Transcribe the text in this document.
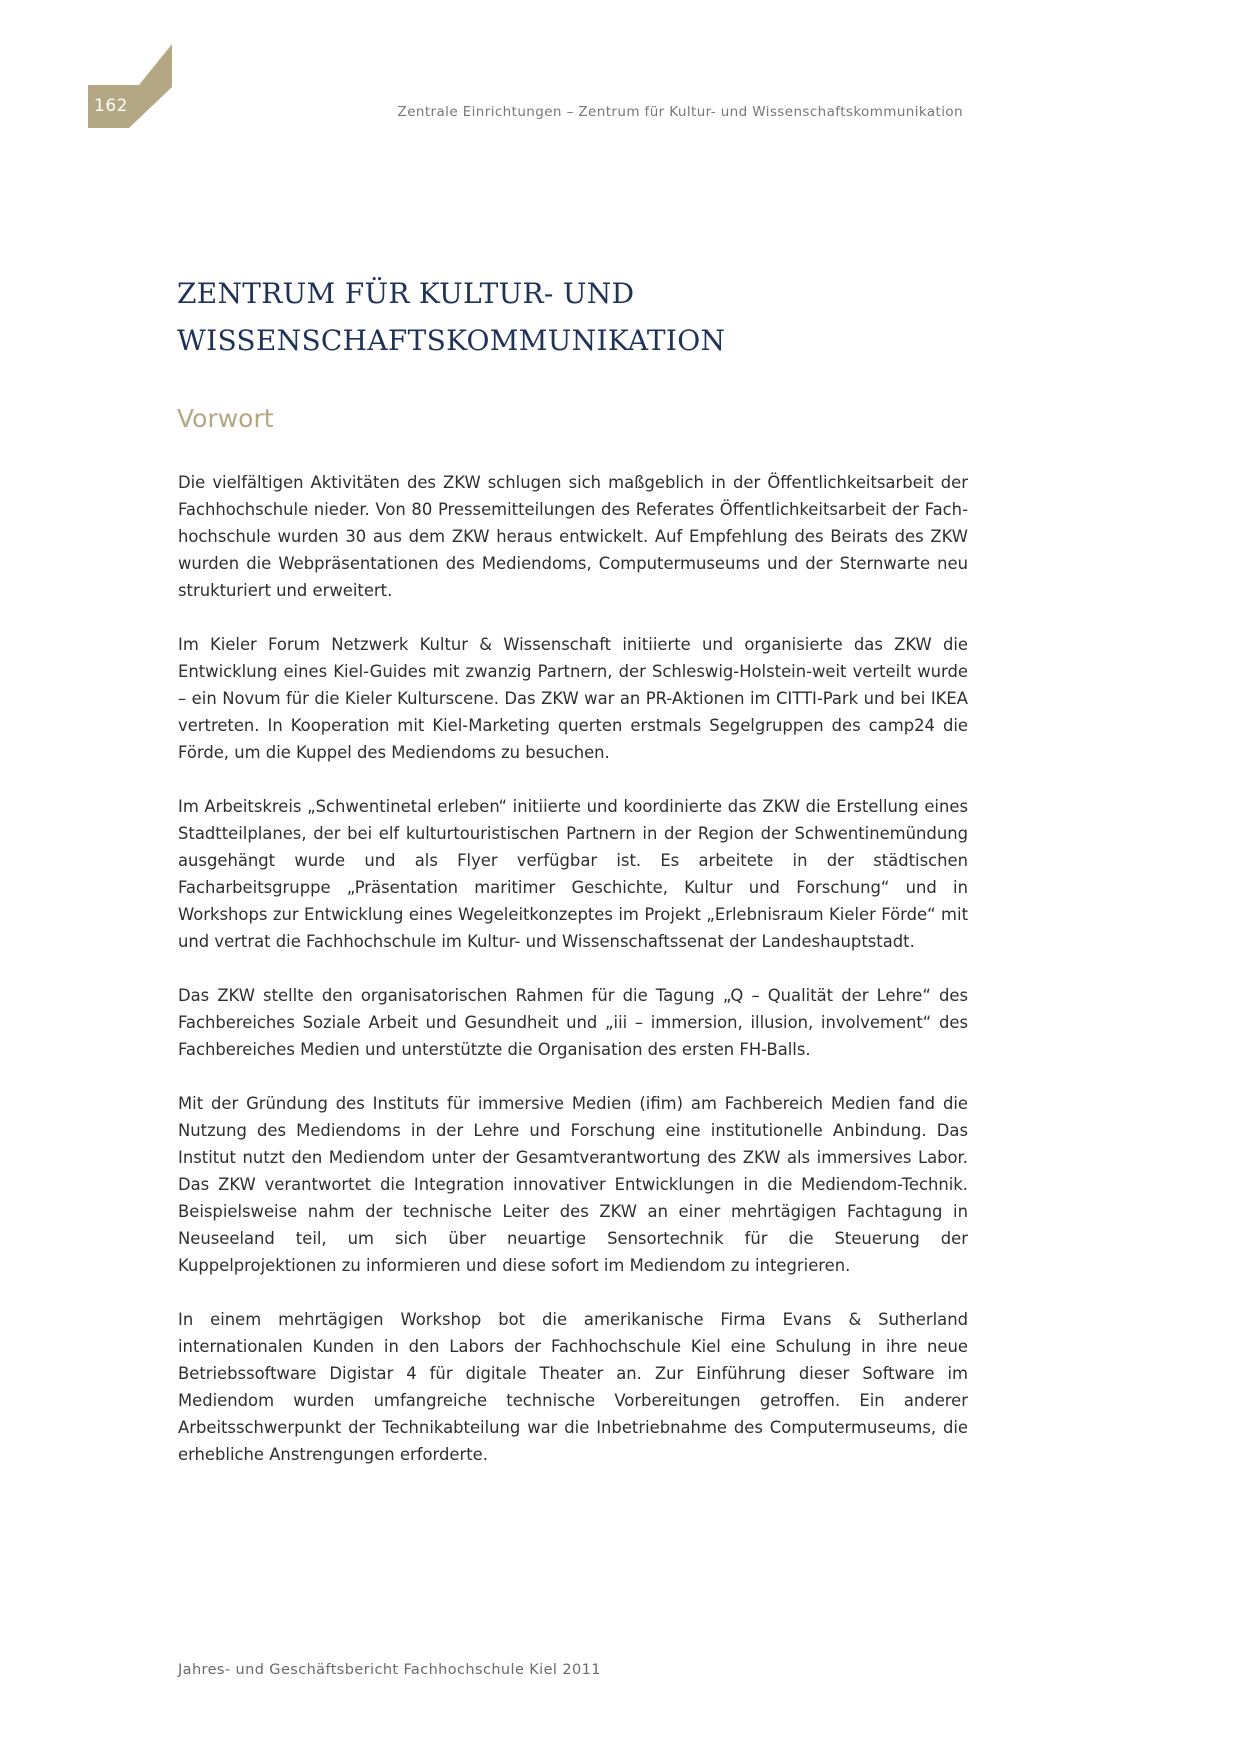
162	Zentrale Einrichtungen – Zentrum für Kultur- und Wissenschaftskommunikation
ZENTRUM FÜR KULTUR- UND
WISSENSCHAFTSKOMMUNIKATION
Vorwort

Die vielfältigen Aktivitäten des ZKW schlugen sich maßgeblich in der Öffentlichkeitsarbeit der Fachhochschule nieder. Von 80 Pressemitteilungen des Referates Öffentlichkeitsarbeit der Fachhochschule wurden 30 aus dem ZKW heraus entwickelt. Auf Empfehlung des Beirats des ZKW wurden die Webpräsentationen des Mediendoms, Computermuseums und der Sternwarte neu strukturiert und erweitert.

Im Kieler Forum Netzwerk Kultur & Wissenschaft initiierte und organisierte das ZKW die Entwicklung eines Kiel-Guides mit zwanzig Partnern, der Schleswig-Holstein-weit verteilt wurde – ein Novum für die Kieler Kulturscene. Das ZKW war an PR-Aktionen im CITTI-Park und bei IKEA vertreten. In Kooperation mit Kiel-Marketing querten erstmals Segelgruppen des camp24 die Förde, um die Kuppel des Mediendoms zu besuchen.

Im Arbeitskreis „Schwentinetal erleben“ initiierte und koordinierte das ZKW die Erstellung eines Stadtteilplanes, der bei elf kulturtouristischen Partnern in der Region der Schwentinemündung ausgehängt wurde und als Flyer verfügbar ist. Es arbeitete in der städtischen Facharbeitsgruppe „Präsentation maritimer Geschichte, Kultur und Forschung“ und in Workshops zur Entwicklung eines Wegeleitkonzeptes im Projekt „Erlebnisraum Kieler Förde“ mit und vertrat die Fachhochschule im Kultur- und Wissenschaftssenat der Landeshauptstadt.

Das ZKW stellte den organisatorischen Rahmen für die Tagung „Q – Qualität der Lehre“ des Fachbereiches Soziale Arbeit und Gesundheit und „iii – immersion, illusion, involvement“ des Fachbereiches Medien und unterstützte die Organisation des ersten FH-Balls.

Mit der Gründung des Instituts für immersive Medien (ifim) am Fachbereich Medien fand die Nutzung des Mediendoms in der Lehre und Forschung eine institutionelle Anbindung. Das Institut nutzt den Mediendom unter der Gesamtverantwortung des ZKW als immersives Labor. Das ZKW verantwortet die Integration innovativer Entwicklungen in die Mediendom-Technik. Beispielsweise nahm der technische Leiter des ZKW an einer mehrtägigen Fachtagung in Neuseeland teil, um sich über neuartige Sensortechnik für die Steuerung der Kuppelprojektionen zu informieren und diese sofort im Mediendom zu integrieren.

In einem mehrtägigen Workshop bot die amerikanische Firma Evans & Sutherland internationalen Kunden in den Labors der Fachhochschule Kiel eine Schulung in ihre neue Betriebssoftware Digistar 4 für digitale Theater an. Zur Einführung dieser Software im Mediendom wurden umfangreiche technische Vorbereitungen getroffen. Ein anderer Arbeitsschwerpunkt der Technikabteilung war die Inbetriebnahme des Computermuseums, die erhebliche Anstrengungen erforderte.

Jahres- und Geschäftsbericht Fachhochschule Kiel 2011
